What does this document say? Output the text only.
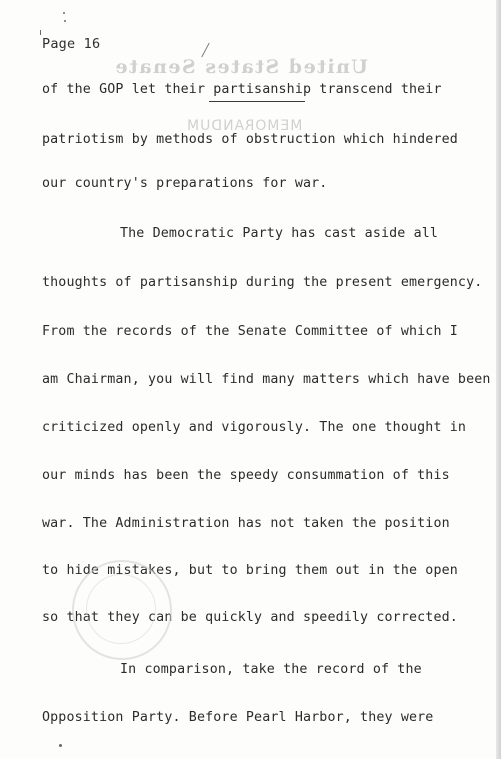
Page 16
United States Senate
MEMORANDUM
of the GOP let their partisanship transcend their
patriotism by methods of obstruction which hindered
our country's preparations for war.
The Democratic Party has cast aside all
thoughts of partisanship during the present emergency.
From the records of the Senate Committee of which I
am Chairman, you will find many matters which have been
criticized openly and vigorously. The one thought in
our minds has been the speedy consummation of this
war. The Administration has not taken the position
to hide mistakes, but to bring them out in the open
so that they can be quickly and speedily corrected.
In comparison, take the record of the
Opposition Party. Before Pearl Harbor, they were
